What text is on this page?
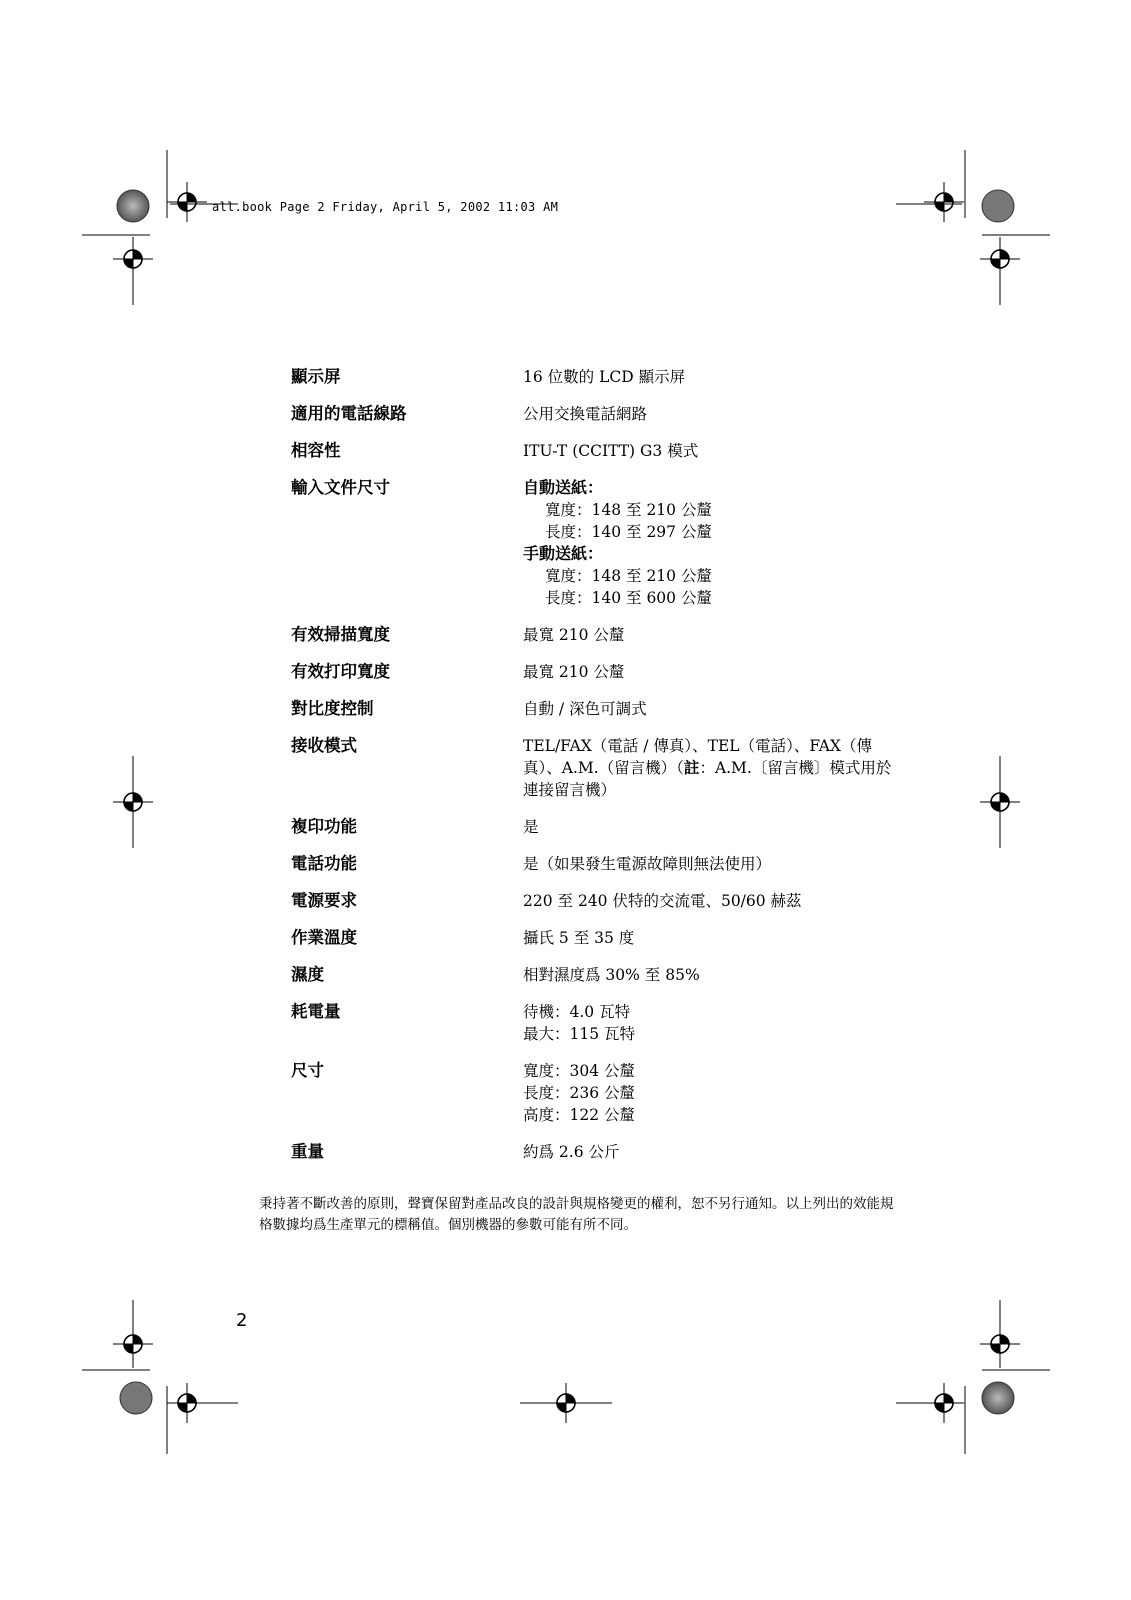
all.book Page 2 Friday, April 5, 2002 11:03 AM
顯示屏	16 位數的 LCD 顯示屏
適用的電話線路	公用交換電話網路
相容性	ITU-T (CCITT) G3 模式
輸入文件尺寸	自動送紙：
寬度：148 至 210 公釐
長度：140 至 297 公釐
手動送紙：
寬度：148 至 210 公釐
長度：140 至 600 公釐
有效掃描寬度	最寬 210 公釐
有效打印寬度	最寬 210 公釐
對比度控制	自動 / 深色可調式
接收模式	TEL/FAX（電話 / 傳真）、TEL（電話）、FAX（傳真）、A.M.（留言機）（註：A.M.〔留言機〕模式用於連接留言機）
複印功能	是
電話功能	是（如果發生電源故障則無法使用）
電源要求	220 至 240 伏特的交流電、50/60 赫茲
作業溫度	攝氏 5 至 35 度
濕度	相對濕度爲 30% 至 85%
耗電量	待機：4.0 瓦特
最大：115 瓦特
尺寸	寬度：304 公釐
長度：236 公釐
高度：122 公釐
重量	約爲 2.6 公斤
秉持著不斷改善的原則，聲寶保留對產品改良的設計與規格變更的權利，恕不另行通知。以上列出的效能規格數據均爲生產單元的標稱值。個別機器的參數可能有所不同。
2
